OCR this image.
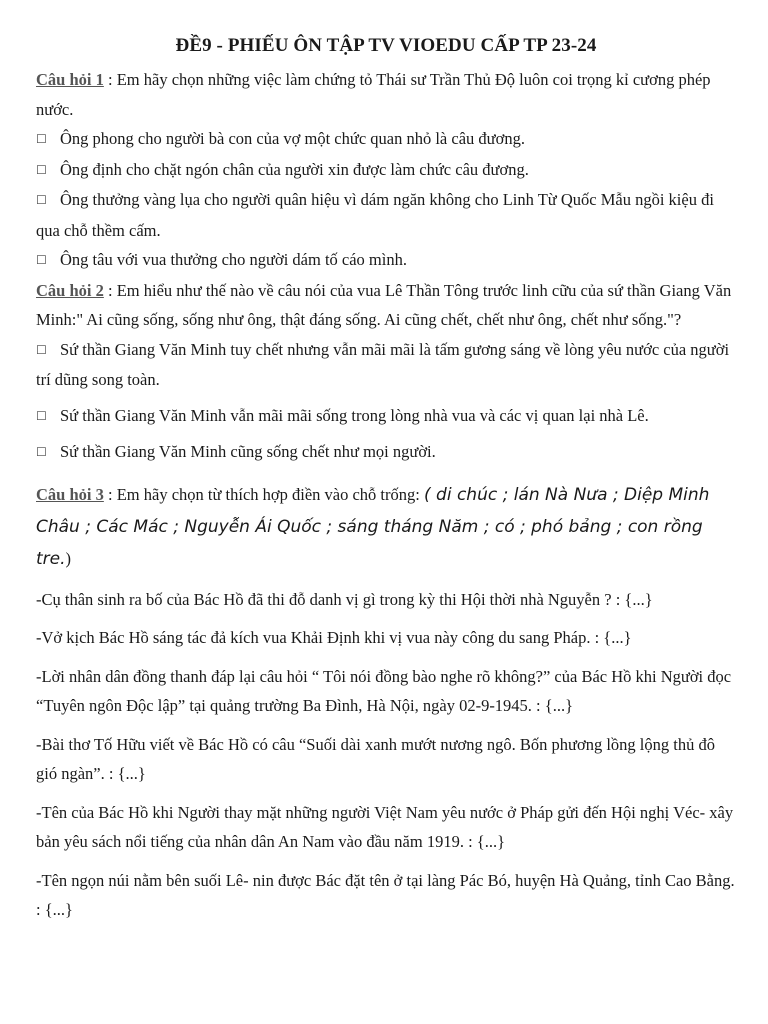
ĐỀ9 - PHIẾU ÔN TẬP TV VIOEDU CẤP TP 23-24

Câu hỏi 1 : Em hãy chọn những việc làm chứng tỏ Thái sư Trần Thủ Độ luôn coi trọng kỉ cương phép nước.

☐ Ông phong cho người bà con của vợ một chức quan nhỏ là câu đương.

☐ Ông định cho chặt ngón chân của người xin được làm chức câu đương.

☐ Ông thưởng vàng lụa cho người quân hiệu vì dám ngăn không cho Linh Từ Quốc Mẫu ngồi kiệu đi qua chỗ thềm cấm.

☐ Ông tâu với vua thưởng cho người dám tố cáo mình.

Câu hỏi 2 : Em hiểu như thế nào về câu nói của vua Lê Thần Tông trước linh cữu của sứ thần Giang Văn Minh:" Ai cũng sống, sống như ông, thật đáng sống. Ai cũng chết, chết như ông, chết như sống."?

☐ Sứ thần Giang Văn Minh tuy chết nhưng vẫn mãi mãi là tấm gương sáng về lòng yêu nước của người trí dũng song toàn.

☐ Sứ thần Giang Văn Minh vẫn mãi mãi sống trong lòng nhà vua và các vị quan lại nhà Lê.

☐ Sứ thần Giang Văn Minh cũng sống chết như mọi người.

Câu hỏi 3 : Em hãy chọn từ thích hợp điền vào chỗ trống: ( di chúc ; lán Nà Nưa ; Diệp Minh Châu ; Các Mác ; Nguyễn Ái Quốc ; sáng tháng Năm ; có ; phó bảng ; con rồng tre.)

-Cụ thân sinh ra bố của Bác Hồ đã thi đỗ danh vị gì trong kỳ thi Hội thời nhà Nguyễn ? : {...}

-Vở kịch Bác Hồ sáng tác đả kích vua Khải Định khi vị vua này công du sang Pháp. : {...}

-Lời nhân dân đồng thanh đáp lại câu hỏi “ Tôi nói đồng bào nghe rõ không?” của Bác Hồ khi Người đọc “Tuyên ngôn Độc lập” tại quảng trường Ba Đình, Hà Nội, ngày 02-9-1945. : {...}

-Bài thơ Tố Hữu viết về Bác Hồ có câu “Suối dài xanh mướt nương ngô. Bốn phương lồng lộng thủ đô gió ngàn”. : {...}

-Tên của Bác Hồ khi Người thay mặt những người Việt Nam yêu nước ở Pháp gửi đến Hội nghị Véc- xây bản yêu sách nổi tiếng của nhân dân An Nam vào đầu năm 1919. : {...}

-Tên ngọn núi nằm bên suối Lê- nin được Bác đặt tên ở tại làng Pác Bó, huyện Hà Quảng, tỉnh Cao Bằng. : {...}
